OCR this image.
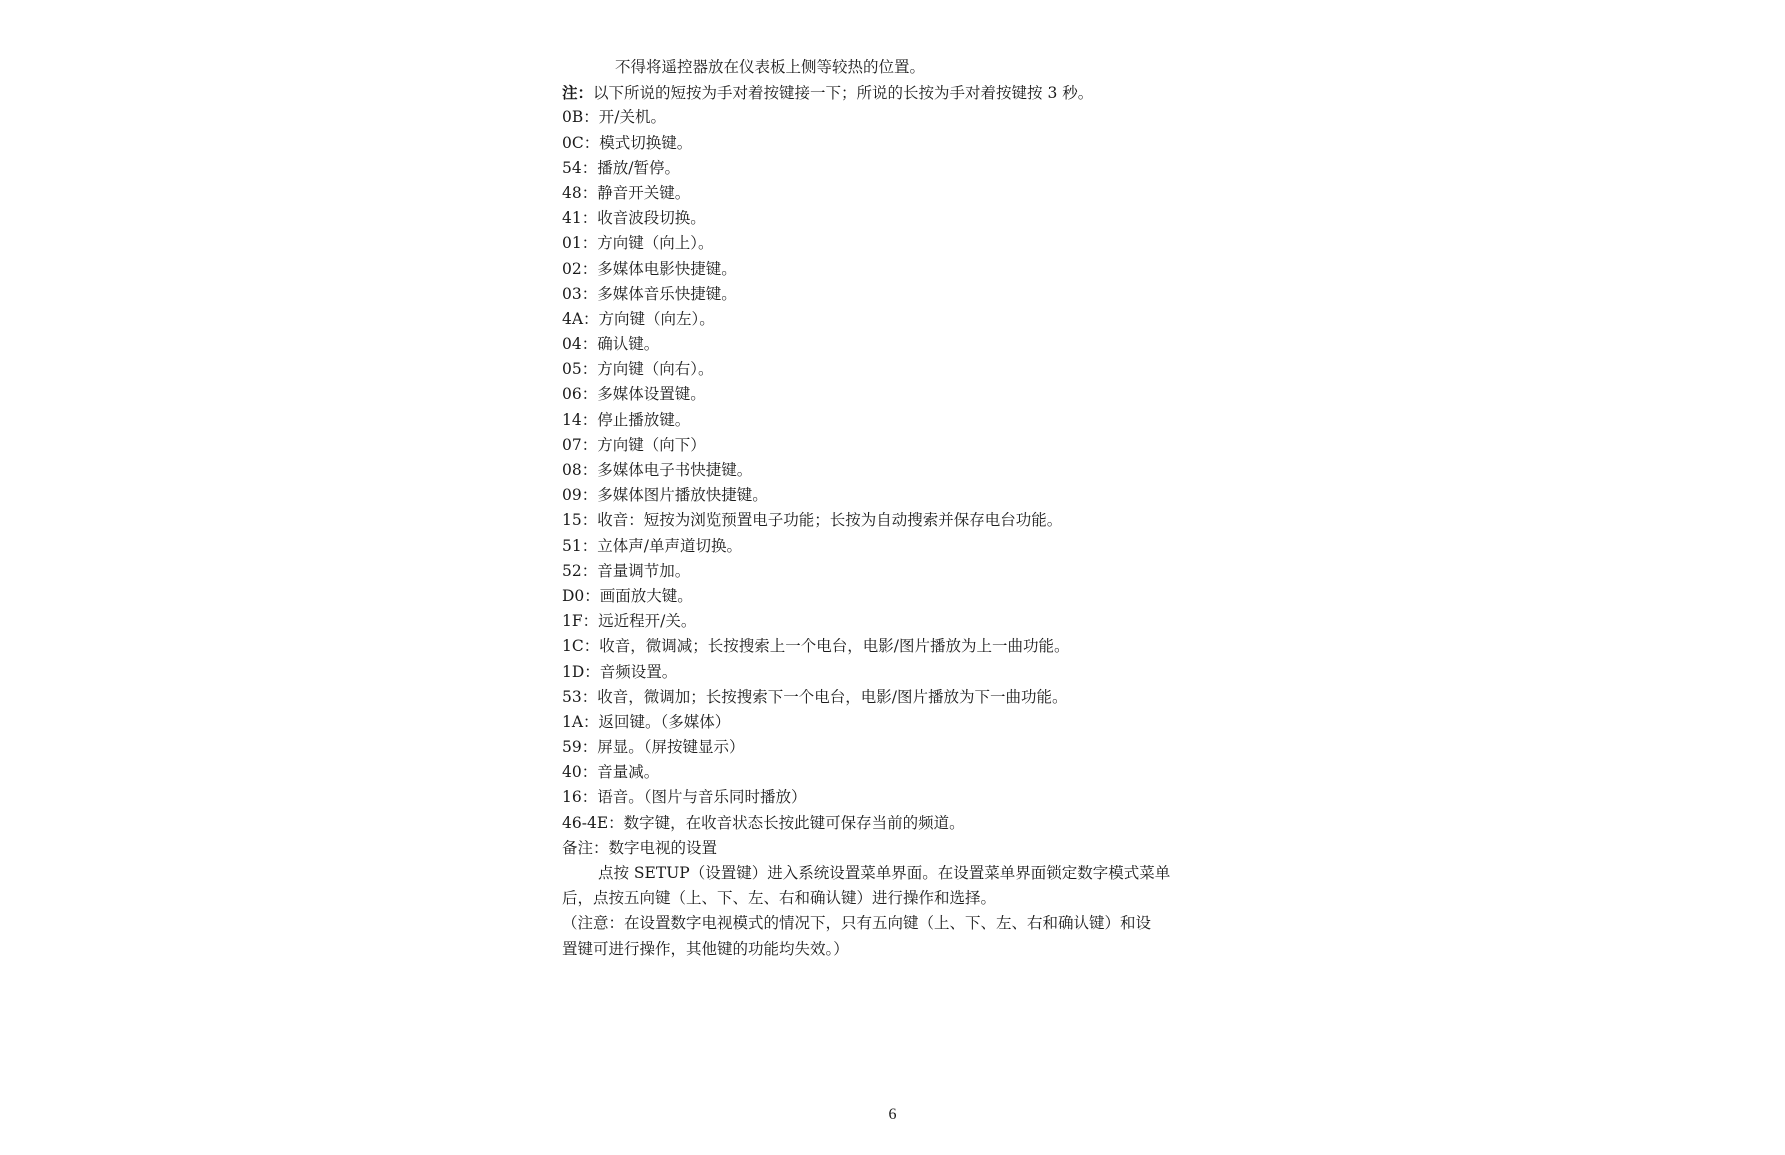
不得将遥控器放在仪表板上侧等较热的位置。
注：以下所说的短按为手对着按键接一下；所说的长按为手对着按键按 3 秒。
0B：开/关机。
0C：模式切换键。
54：播放/暂停。
48：静音开关键。
41：收音波段切换。
01：方向键（向上）。
02：多媒体电影快捷键。
03：多媒体音乐快捷键。
4A：方向键（向左）。
04：确认键。
05：方向键（向右）。
06：多媒体设置键。
14：停止播放键。
07：方向键（向下）
08：多媒体电子书快捷键。
09：多媒体图片播放快捷键。
15：收音：短按为浏览预置电子功能；长按为自动搜索并保存电台功能。
51：立体声/单声道切换。
52：音量调节加。
D0：画面放大键。
1F：远近程开/关。
1C：收音，微调减；长按搜索上一个电台，电影/图片播放为上一曲功能。
1D：音频设置。
53：收音，微调加；长按搜索下一个电台，电影/图片播放为下一曲功能。
1A：返回键。（多媒体）
59：屏显。（屏按键显示）
40：音量减。
16：语音。（图片与音乐同时播放）
46-4E：数字键，在收音状态长按此键可保存当前的频道。
备注：数字电视的设置
点按 SETUP（设置键）进入系统设置菜单界面。在设置菜单界面锁定数字模式菜单
后，点按五向键（上、下、左、右和确认键）进行操作和选择。
（注意：在设置数字电视模式的情况下，只有五向键（上、下、左、右和确认键）和设
置键可进行操作，其他键的功能均失效。）
6
